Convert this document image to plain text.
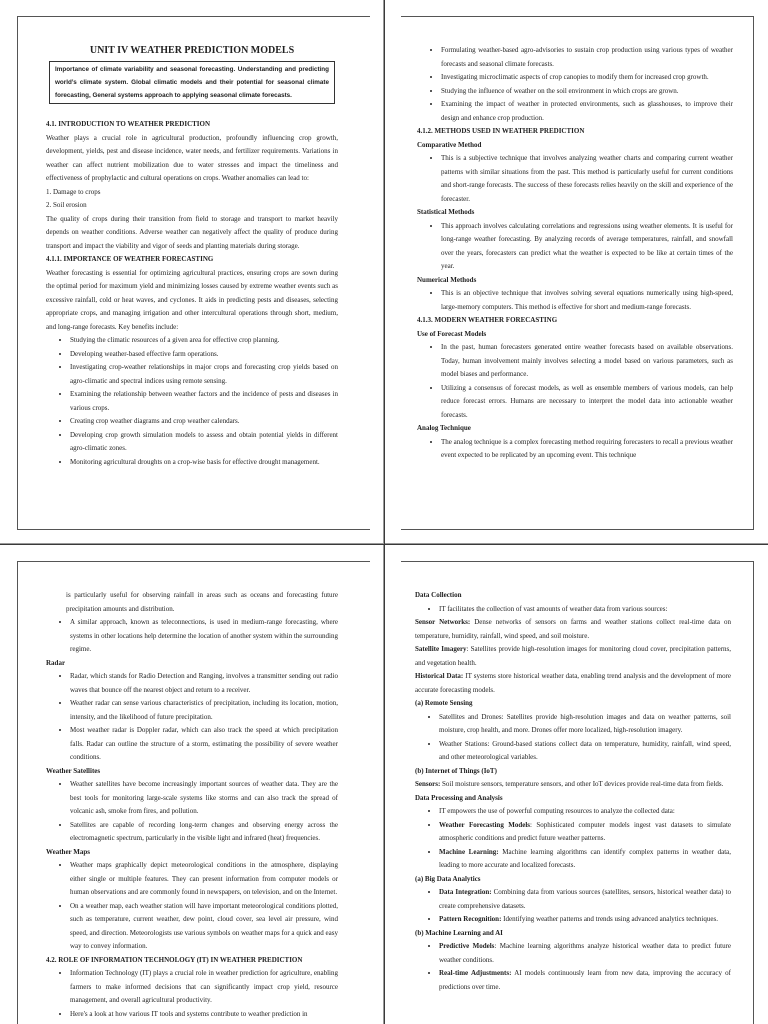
UNIT IV WEATHER PREDICTION MODELS

Importance of climate variability and seasonal forecasting. Understanding and predicting world’s climate system. Global climatic models and their potential for seasonal climate forecasting, General systems approach to applying seasonal climate forecasts.

4.1. INTRODUCTION TO WEATHER PREDICTION

Weather plays a crucial role in agricultural production, profoundly influencing crop growth, development, yields, pest and disease incidence, water needs, and fertilizer requirements. Variations in weather can affect nutrient mobilization due to water stresses and impact the timeliness and effectiveness of prophylactic and cultural operations on crops. Weather anomalies can lead to:

1. Damage to crops

2. Soil erosion

The quality of crops during their transition from field to storage and transport to market heavily depends on weather conditions. Adverse weather can negatively affect the quality of produce during transport and impact the viability and vigor of seeds and planting materials during storage.

4.1.1. IMPORTANCE OF WEATHER FORECASTING

Weather forecasting is essential for optimizing agricultural practices, ensuring crops are sown during the optimal period for maximum yield and minimizing losses caused by extreme weather events such as excessive rainfall, cold or heat waves, and cyclones. It aids in predicting pests and diseases, selecting appropriate crops, and managing irrigation and other intercultural operations through short, medium, and long-range forecasts. Key benefits include:

• Studying the climatic resources of a given area for effective crop planning.
• Developing weather-based effective farm operations.
• Investigating crop-weather relationships in major crops and forecasting crop yields based on agro-climatic and spectral indices using remote sensing.
• Examining the relationship between weather factors and the incidence of pests and diseases in various crops.
• Creating crop weather diagrams and crop weather calendars.
• Developing crop growth simulation models to assess and obtain potential yields in different agro-climatic zones.
• Monitoring agricultural droughts on a crop-wise basis for effective drought management.
• Formulating weather-based agro-advisories to sustain crop production using various types of weather forecasts and seasonal climate forecasts.
• Investigating microclimatic aspects of crop canopies to modify them for increased crop growth.
• Studying the influence of weather on the soil environment in which crops are grown.
• Examining the impact of weather in protected environments, such as glasshouses, to improve their design and enhance crop production.

4.1.2. METHODS USED IN WEATHER PREDICTION

Comparative Method

• This is a subjective technique that involves analyzing weather charts and comparing current weather patterns with similar situations from the past. This method is particularly useful for current conditions and short-range forecasts. The success of these forecasts relies heavily on the skill and experience of the forecaster.

Statistical Methods

• This approach involves calculating correlations and regressions using weather elements. It is useful for long-range weather forecasting. By analyzing records of average temperatures, rainfall, and snowfall over the years, forecasters can predict what the weather is expected to be like at certain times of the year.

Numerical Methods

• This is an objective technique that involves solving several equations numerically using high-speed, large-memory computers. This method is effective for short and medium-range forecasts.

4.1.3. MODERN WEATHER FORECASTING

Use of Forecast Models

• In the past, human forecasters generated entire weather forecasts based on available observations. Today, human involvement mainly involves selecting a model based on various parameters, such as model biases and performance.
• Utilizing a consensus of forecast models, as well as ensemble members of various models, can help reduce forecast errors. Humans are necessary to interpret the model data into actionable weather forecasts.

Analog Technique

• The analog technique is a complex forecasting method requiring forecasters to recall a previous weather event expected to be replicated by an upcoming event. This technique

is particularly useful for observing rainfall in areas such as oceans and forecasting future precipitation amounts and distribution.

• A similar approach, known as teleconnections, is used in medium-range forecasting, where systems in other locations help determine the location of another system within the surrounding regime.

Radar

• Radar, which stands for Radio Detection and Ranging, involves a transmitter sending out radio waves that bounce off the nearest object and return to a receiver.
• Weather radar can sense various characteristics of precipitation, including its location, motion, intensity, and the likelihood of future precipitation.
• Most weather radar is Doppler radar, which can also track the speed at which precipitation falls. Radar can outline the structure of a storm, estimating the possibility of severe weather conditions.

Weather Satellites

• Weather satellites have become increasingly important sources of weather data. They are the best tools for monitoring large-scale systems like storms and can also track the spread of volcanic ash, smoke from fires, and pollution.
• Satellites are capable of recording long-term changes and observing energy across the electromagnetic spectrum, particularly in the visible light and infrared (heat) frequencies.

Weather Maps

• Weather maps graphically depict meteorological conditions in the atmosphere, displaying either single or multiple features. They can present information from computer models or human observations and are commonly found in newspapers, on television, and on the Internet.
• On a weather map, each weather station will have important meteorological conditions plotted, such as temperature, current weather, dew point, cloud cover, sea level air pressure, wind speed, and direction. Meteorologists use various symbols on weather maps for a quick and easy way to convey information.

4.2. ROLE OF INFORMATION TECHNOLOGY (IT) IN WEATHER PREDICTION

• Information Technology (IT) plays a crucial role in weather prediction for agriculture, enabling farmers to make informed decisions that can significantly impact crop yield, resource management, and overall agricultural productivity.
• Here's a look at how various IT tools and systems contribute to weather prediction in

Data Collection

• IT facilitates the collection of vast amounts of weather data from various sources:

Sensor Networks: Dense networks of sensors on farms and weather stations collect real-time data on temperature, humidity, rainfall, wind speed, and soil moisture.

Satellite Imagery: Satellites provide high-resolution images for monitoring cloud cover, precipitation patterns, and vegetation health.

Historical Data: IT systems store historical weather data, enabling trend analysis and the development of more accurate forecasting models.

(a) Remote Sensing

• Satellites and Drones: Satellites provide high-resolution images and data on weather patterns, soil moisture, crop health, and more. Drones offer more localized, high-resolution imagery.
• Weather Stations: Ground-based stations collect data on temperature, humidity, rainfall, wind speed, and other meteorological variables.

(b) Internet of Things (IoT)

Sensors: Soil moisture sensors, temperature sensors, and other IoT devices provide real-time data from fields.

Data Processing and Analysis

• IT empowers the use of powerful computing resources to analyze the collected data:
• Weather Forecasting Models: Sophisticated computer models ingest vast datasets to simulate atmospheric conditions and predict future weather patterns.
• Machine Learning: Machine learning algorithms can identify complex patterns in weather data, leading to more accurate and localized forecasts.

(a) Big Data Analytics

• Data Integration: Combining data from various sources (satellites, sensors, historical weather data) to create comprehensive datasets.
• Pattern Recognition: Identifying weather patterns and trends using advanced analytics techniques.

(b) Machine Learning and AI

• Predictive Models: Machine learning algorithms analyze historical weather data to predict future weather conditions.
• Real-time Adjustments: AI models continuously learn from new data, improving the accuracy of predictions over time.
